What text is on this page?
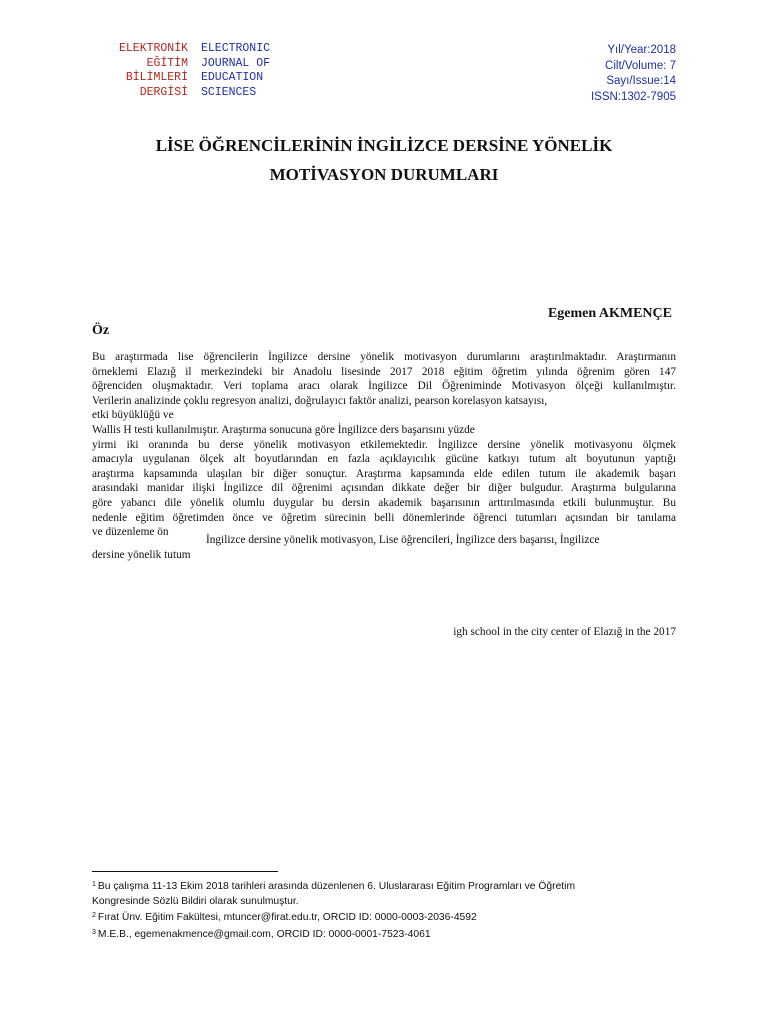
ELEKTRONİK
EĞİTİM
BİLİMLERİ
DERGİSİ
ELECTRONIC
JOURNAL OF
EDUCATION
SCIENCES
Yıl/Year:2018
Cilt/Volume: 7
Sayı/Issue:14
ISSN:1302-7905
LİSE ÖĞRENCİLERİNİN İNGİLİZCE DERSİNE YÖNELİK
MOTİVASYON DURUMLARI
Egemen AKMENÇE
Öz
Bu araştırmada lise öğrencilerin İngilizce dersine yönelik motivasyon durumlarını araştırılmaktadır. Araştırmanın
örneklemi Elazığ il merkezindeki bir Anadolu lisesinde 2017 2018 eğitim öğretim yılında öğrenim gören 147
öğrenciden oluşmaktadır. Veri toplama aracı olarak İngilizce Dil Öğreniminde Motivasyon ölçeği kullanılmıştır.
Verilerin analizinde çoklu regresyon analizi, doğrulayıcı faktör analizi, pearson korelasyon katsayısı,
etki büyüklüğü ve
Wallis H testi kullanılmıştır. Araştırma sonucuna göre İngilizce ders başarısını yüzde
yirmi iki oranında bu derse yönelik motivasyon etkilemektedir. İngilizce dersine yönelik motivasyonu ölçmek
amacıyla uygulanan ölçek alt boyutlarından en fazla açıklayıcılık gücüne katkıyı tutum alt boyutunun yaptığı
araştırma kapsamında ulaşılan bir diğer sonuçtur. Araştırma kapsamında elde edilen tutum ile akademik başarı
arasındaki manidar ilişki İngilizce dil öğrenimi açısından dikkate değer bir diğer bulgudur. Araştırma bulgularına
göre yabancı dile yönelik olumlu duygular bu dersin akademik başarısının arttırılmasında etkili bulunmuştur. Bu
nedenle eğitim öğretimden önce ve öğretim sürecinin belli dönemlerinde öğrenci tutumları açısından bir tanılama
ve düzenleme ön
İngilizce dersine yönelik motivasyon, Lise öğrencileri, İngilizce ders başarısı, İngilizce
dersine yönelik tutum
igh school in the city center of Elazığ in the 2017
$^1$ Bu çalışma 11-13 Ekim 2018 tarihleri arasında düzenlenen 6. Uluslararası Eğitim Programları ve Öğretim
Kongresinde Sözlü Bildiri olarak sunulmuştur.
$^2$ Fırat Ünv. Eğitim Fakültesi, mtuncer@firat.edu.tr, ORCID ID: 0000-0003-2036-4592
$^3$ M.E.B., egemenakmence@gmail.com, ORCID ID: 0000-0001-7523-4061
